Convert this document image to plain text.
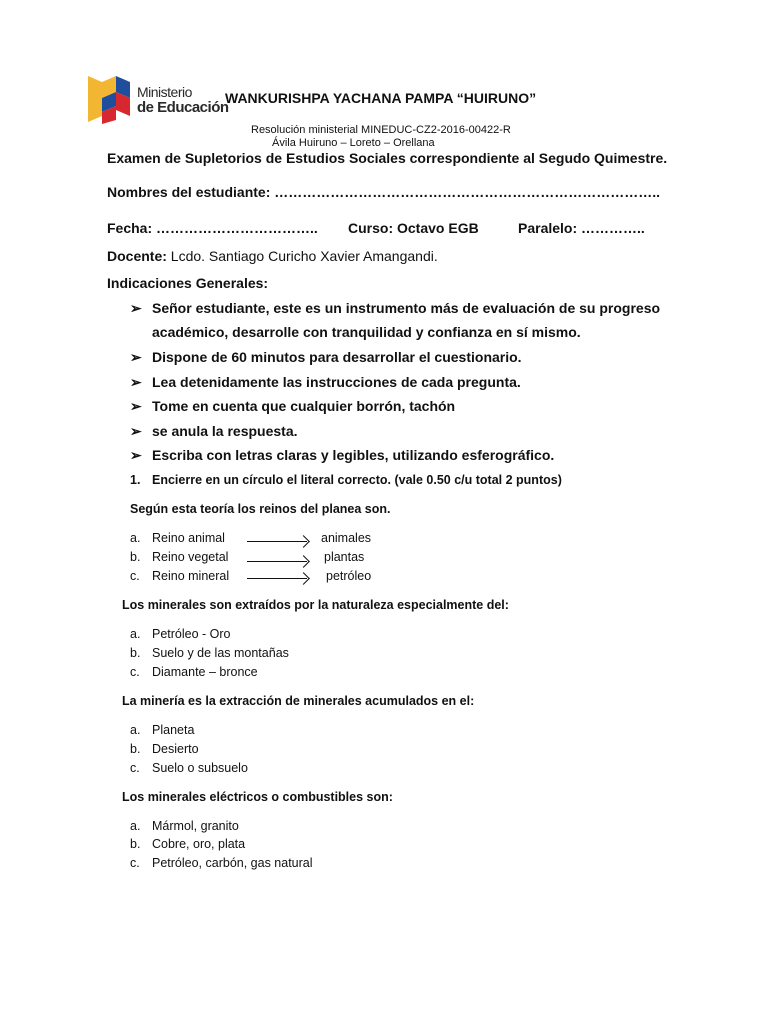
Ministerio
de Educación
WANKURISHPA YACHANA PAMPA “HUIRUNO”
Resolución ministerial MINEDUC-CZ2-2016-00422-R
Ávila Huiruno – Loreto – Orellana
Examen de Supletorios de Estudios Sociales correspondiente al Segudo Quimestre.
Nombres del estudiante: ………………………………………………………………………..
Fecha: …………………………….. Curso: Octavo EGB	Paralelo: …………..
Docente: Lcdo. Santiago Curicho Xavier Amangandi.
Indicaciones Generales:
➢ Señor estudiante, este es un instrumento más de evaluación de su progreso
académico, desarrolle con tranquilidad y confianza en sí mismo.
➢ Dispone de 60 minutos para desarrollar el cuestionario.
➢ Lea detenidamente las instrucciones de cada pregunta.
➢ Tome en cuenta que cualquier borrón, tachón
➢ se anula la respuesta.
➢ Escriba con letras claras y legibles, utilizando esferográfico.
1. Encierre en un círculo el literal correcto. (vale 0.50 c/u total 2 puntos)
Según esta teoría los reinos del planea son.
a. Reino animal
b. Reino vegetal
c. Reino mineral
animales
plantas
petróleo
Los minerales son extraídos por la naturaleza especialmente del:
a. Petróleo - Oro
b. Suelo y de las montañas
c. Diamante – bronce
La minería es la extracción de minerales acumulados en el:
a. Planeta
b. Desierto
c. Suelo o subsuelo
Los minerales eléctricos o combustibles son:
a. Mármol, granito
b. Cobre, oro, plata
c. Petróleo, carbón, gas natural
